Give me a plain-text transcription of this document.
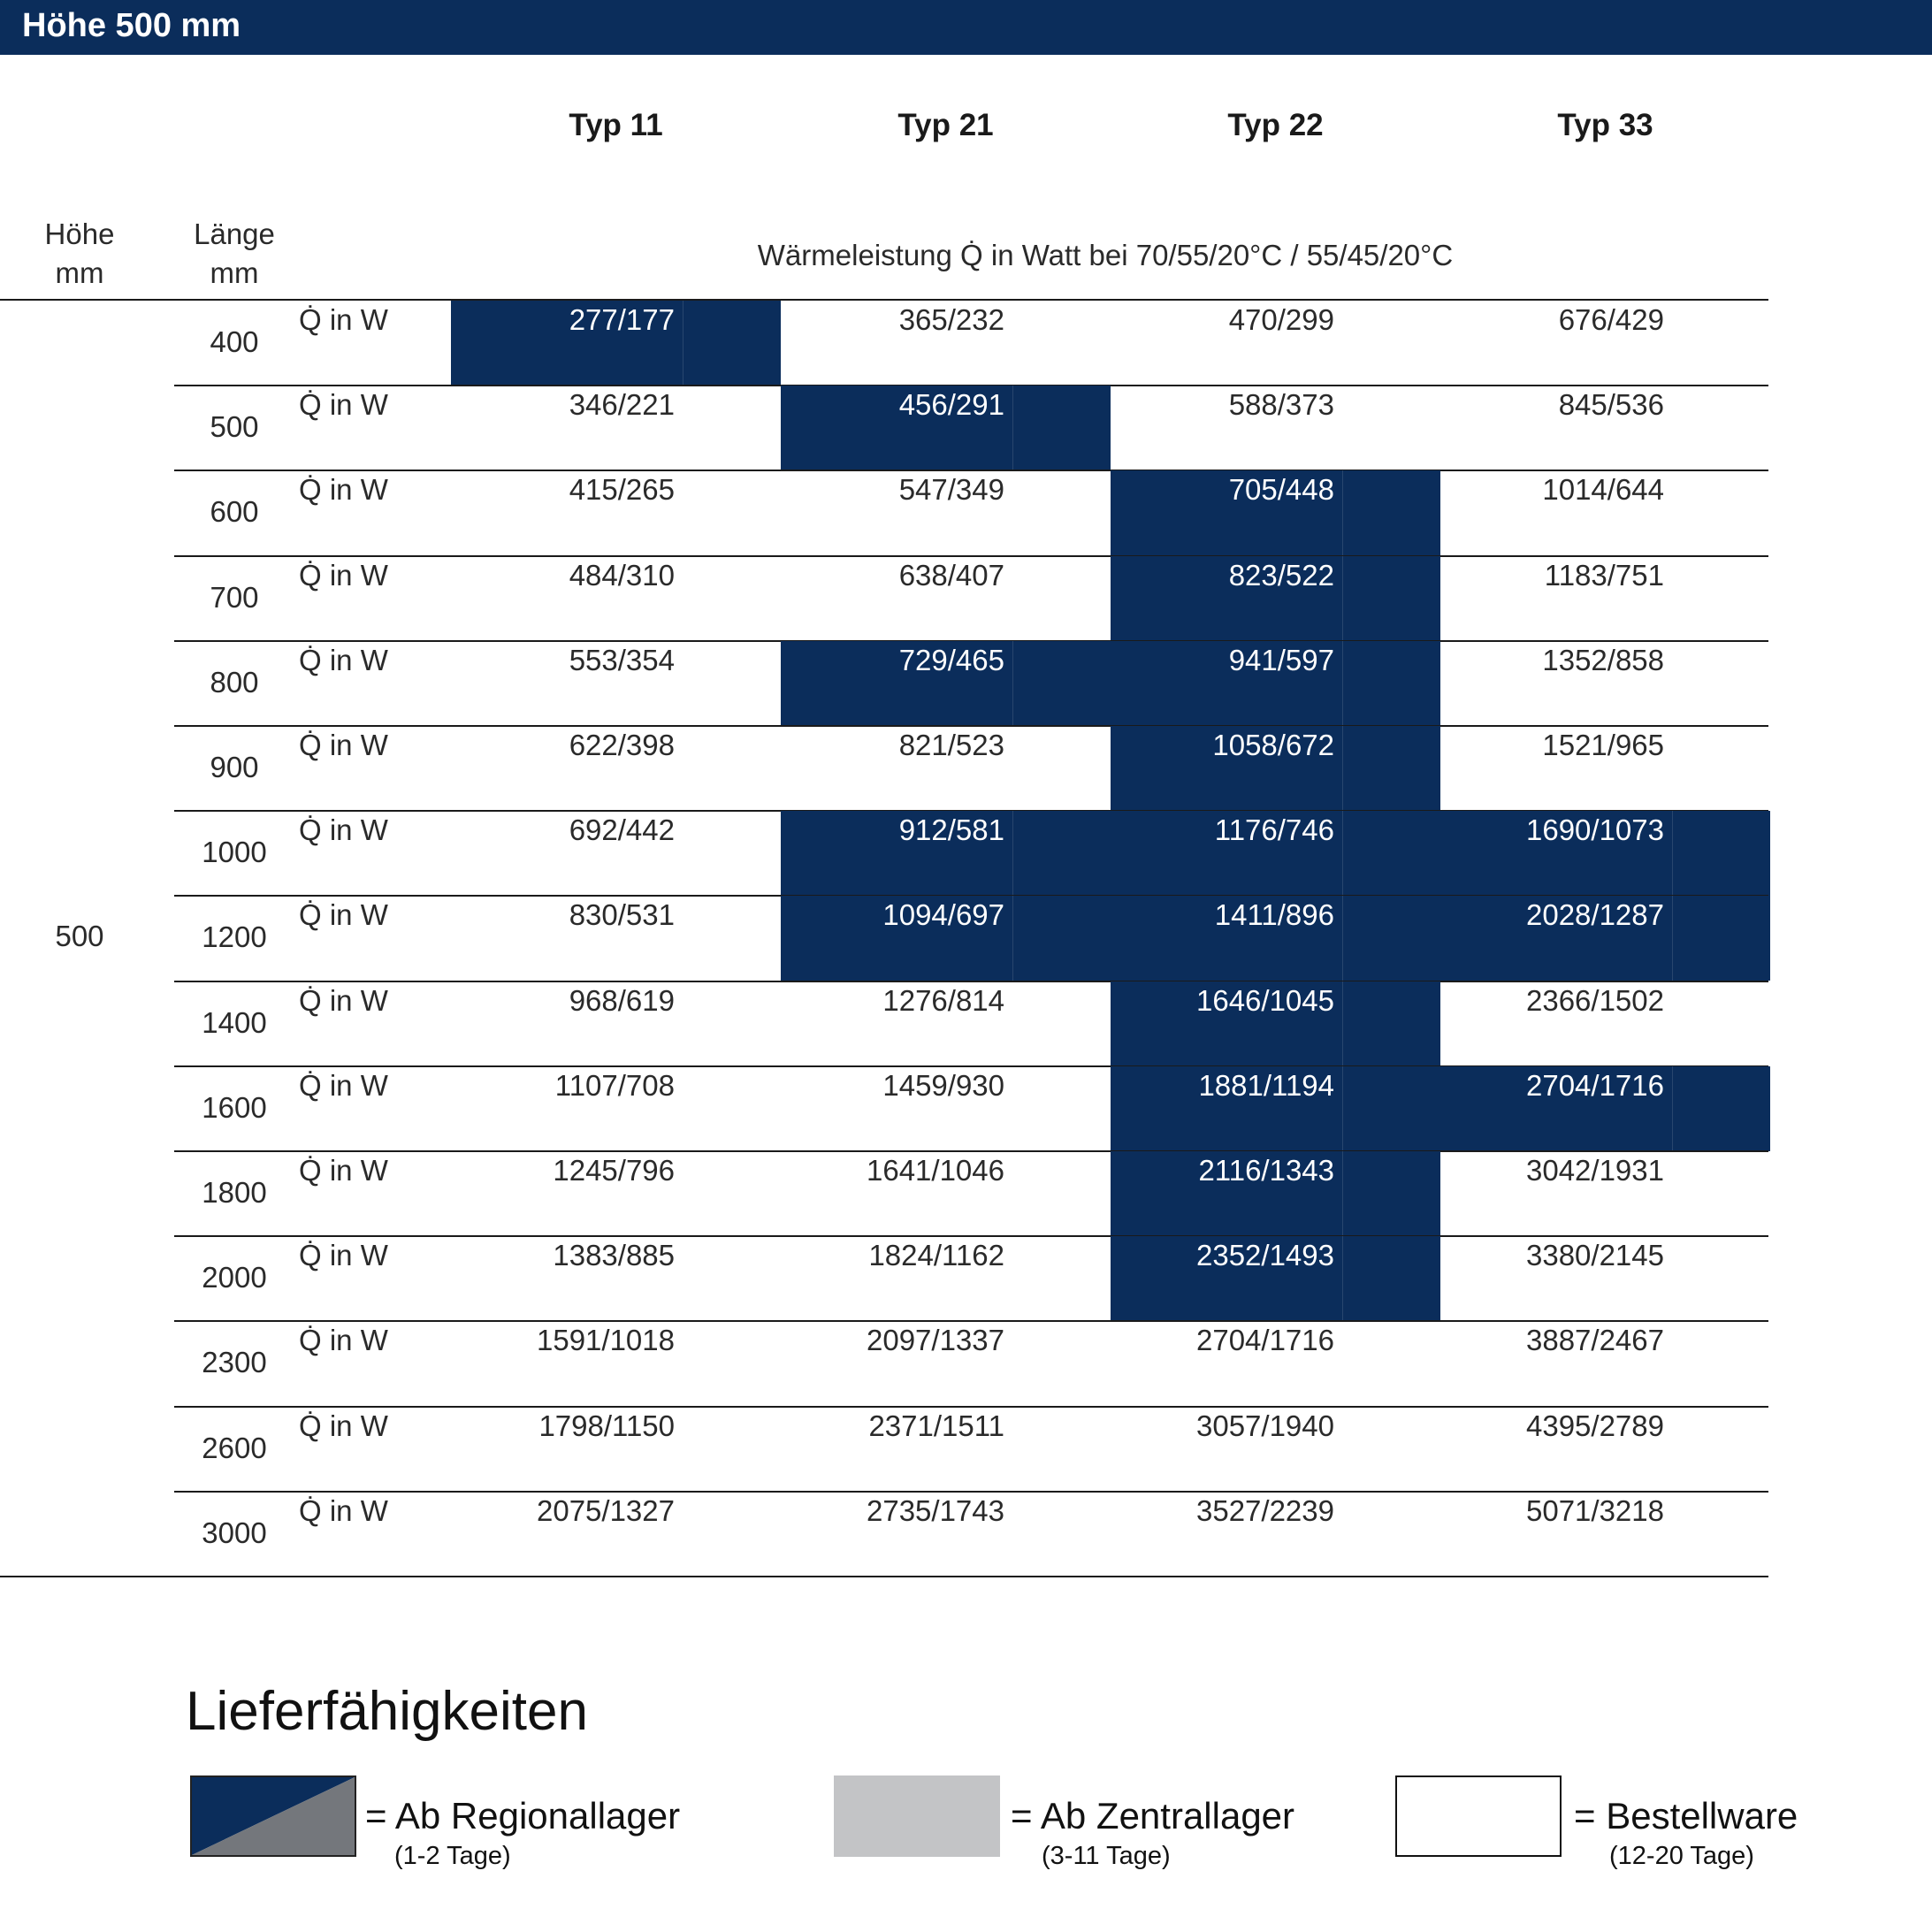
Höhe 500 mm
Typ 11	Typ 21	Typ 22	Typ 33
Höhe
mm
Länge
mm
Wärmeleistung Q̇ in Watt bei 70/55/20°C / 55/45/20°C
400
Q̇ in W	277/177	365/232	470/299	676/429
500
Q̇ in W	346/221	456/291	588/373	845/536
600
Q̇ in W	415/265	547/349	705/448	1014/644
700
Q̇ in W	484/310	638/407	823/522	1183/751
800
Q̇ in W	553/354	729/465	941/597	1352/858
900
Q̇ in W	622/398	821/523	1058/672	1521/965
1000
Q̇ in W	692/442	912/581	1176/746	1690/1073
1200
Q̇ in W	830/531	1094/697	1411/896	2028/1287
1400
Q̇ in W	968/619	1276/814	1646/1045	2366/1502
1600
Q̇ in W	1107/708	1459/930	1881/1194	2704/1716
1800
Q̇ in W	1245/796	1641/1046	2116/1343	3042/1931
2000
Q̇ in W	1383/885	1824/1162	2352/1493	3380/2145
2300
Q̇ in W	1591/1018	2097/1337	2704/1716	3887/2467
2600
Q̇ in W	1798/1150	2371/1511	3057/1940	4395/2789
3000
Q̇ in W	2075/1327	2735/1743	3527/2239	5071/3218
500
Lieferfähigkeiten
= Ab Regionallager
(1-2 Tage)
= Ab Zentrallager
(3-11 Tage)
= Bestellware
(12-20 Tage)
